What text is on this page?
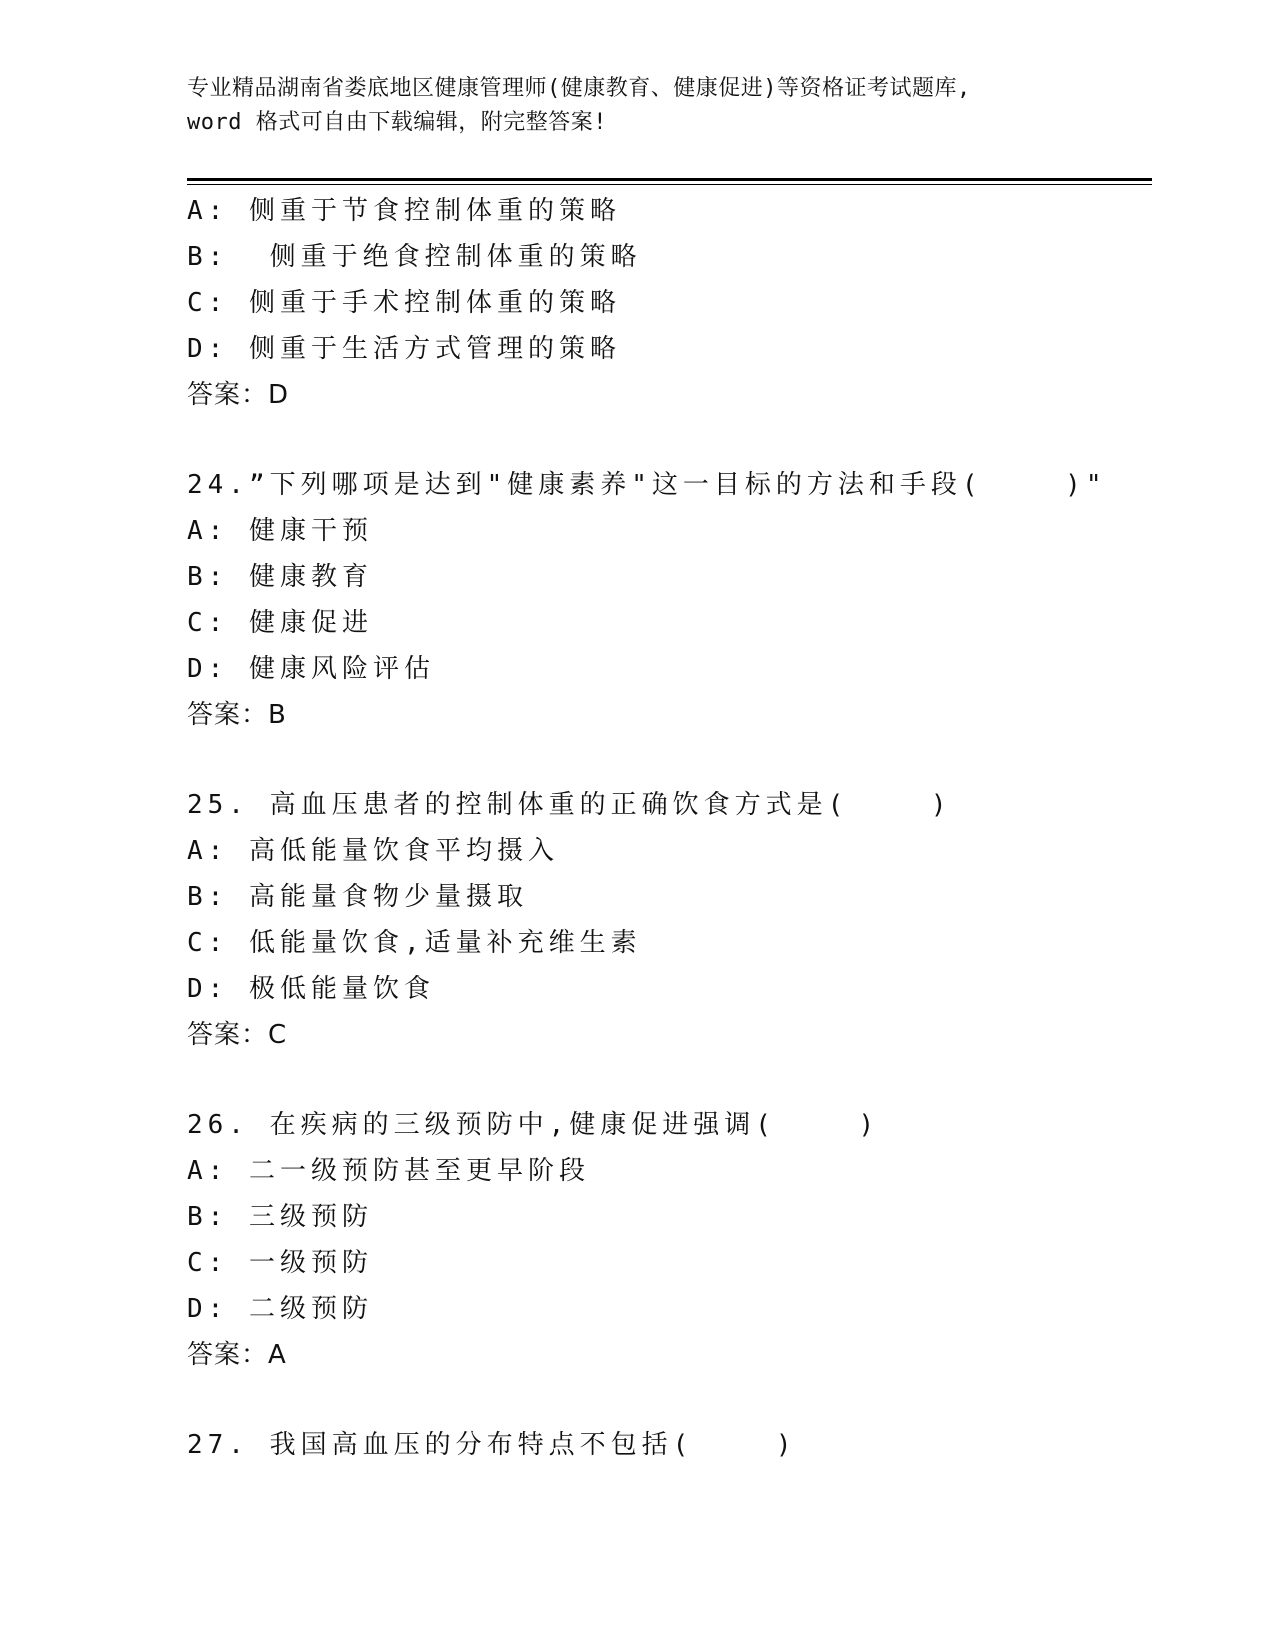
专业精品湖南省娄底地区健康管理师(健康教育、健康促进)等资格证考试题库,
word 格式可自由下载编辑，附完整答案!
A: 侧重于节食控制体重的策略
B:  侧重于绝食控制体重的策略
C: 侧重于手术控制体重的策略
D: 侧重于生活方式管理的策略
答案：D
24.”下列哪项是达到"健康素养"这一目标的方法和手段(    )"
A: 健康干预
B: 健康教育
C: 健康促进
D: 健康风险评估
答案：B
25. 高血压患者的控制体重的正确饮食方式是(    )
A: 高低能量饮食平均摄入
B: 高能量食物少量摄取
C: 低能量饮食,适量补充维生素
D: 极低能量饮食
答案：C
26. 在疾病的三级预防中,健康促进强调(    )
A: 二一级预防甚至更早阶段
B: 三级预防
C: 一级预防
D: 二级预防
答案：A
27. 我国高血压的分布特点不包括(    )
